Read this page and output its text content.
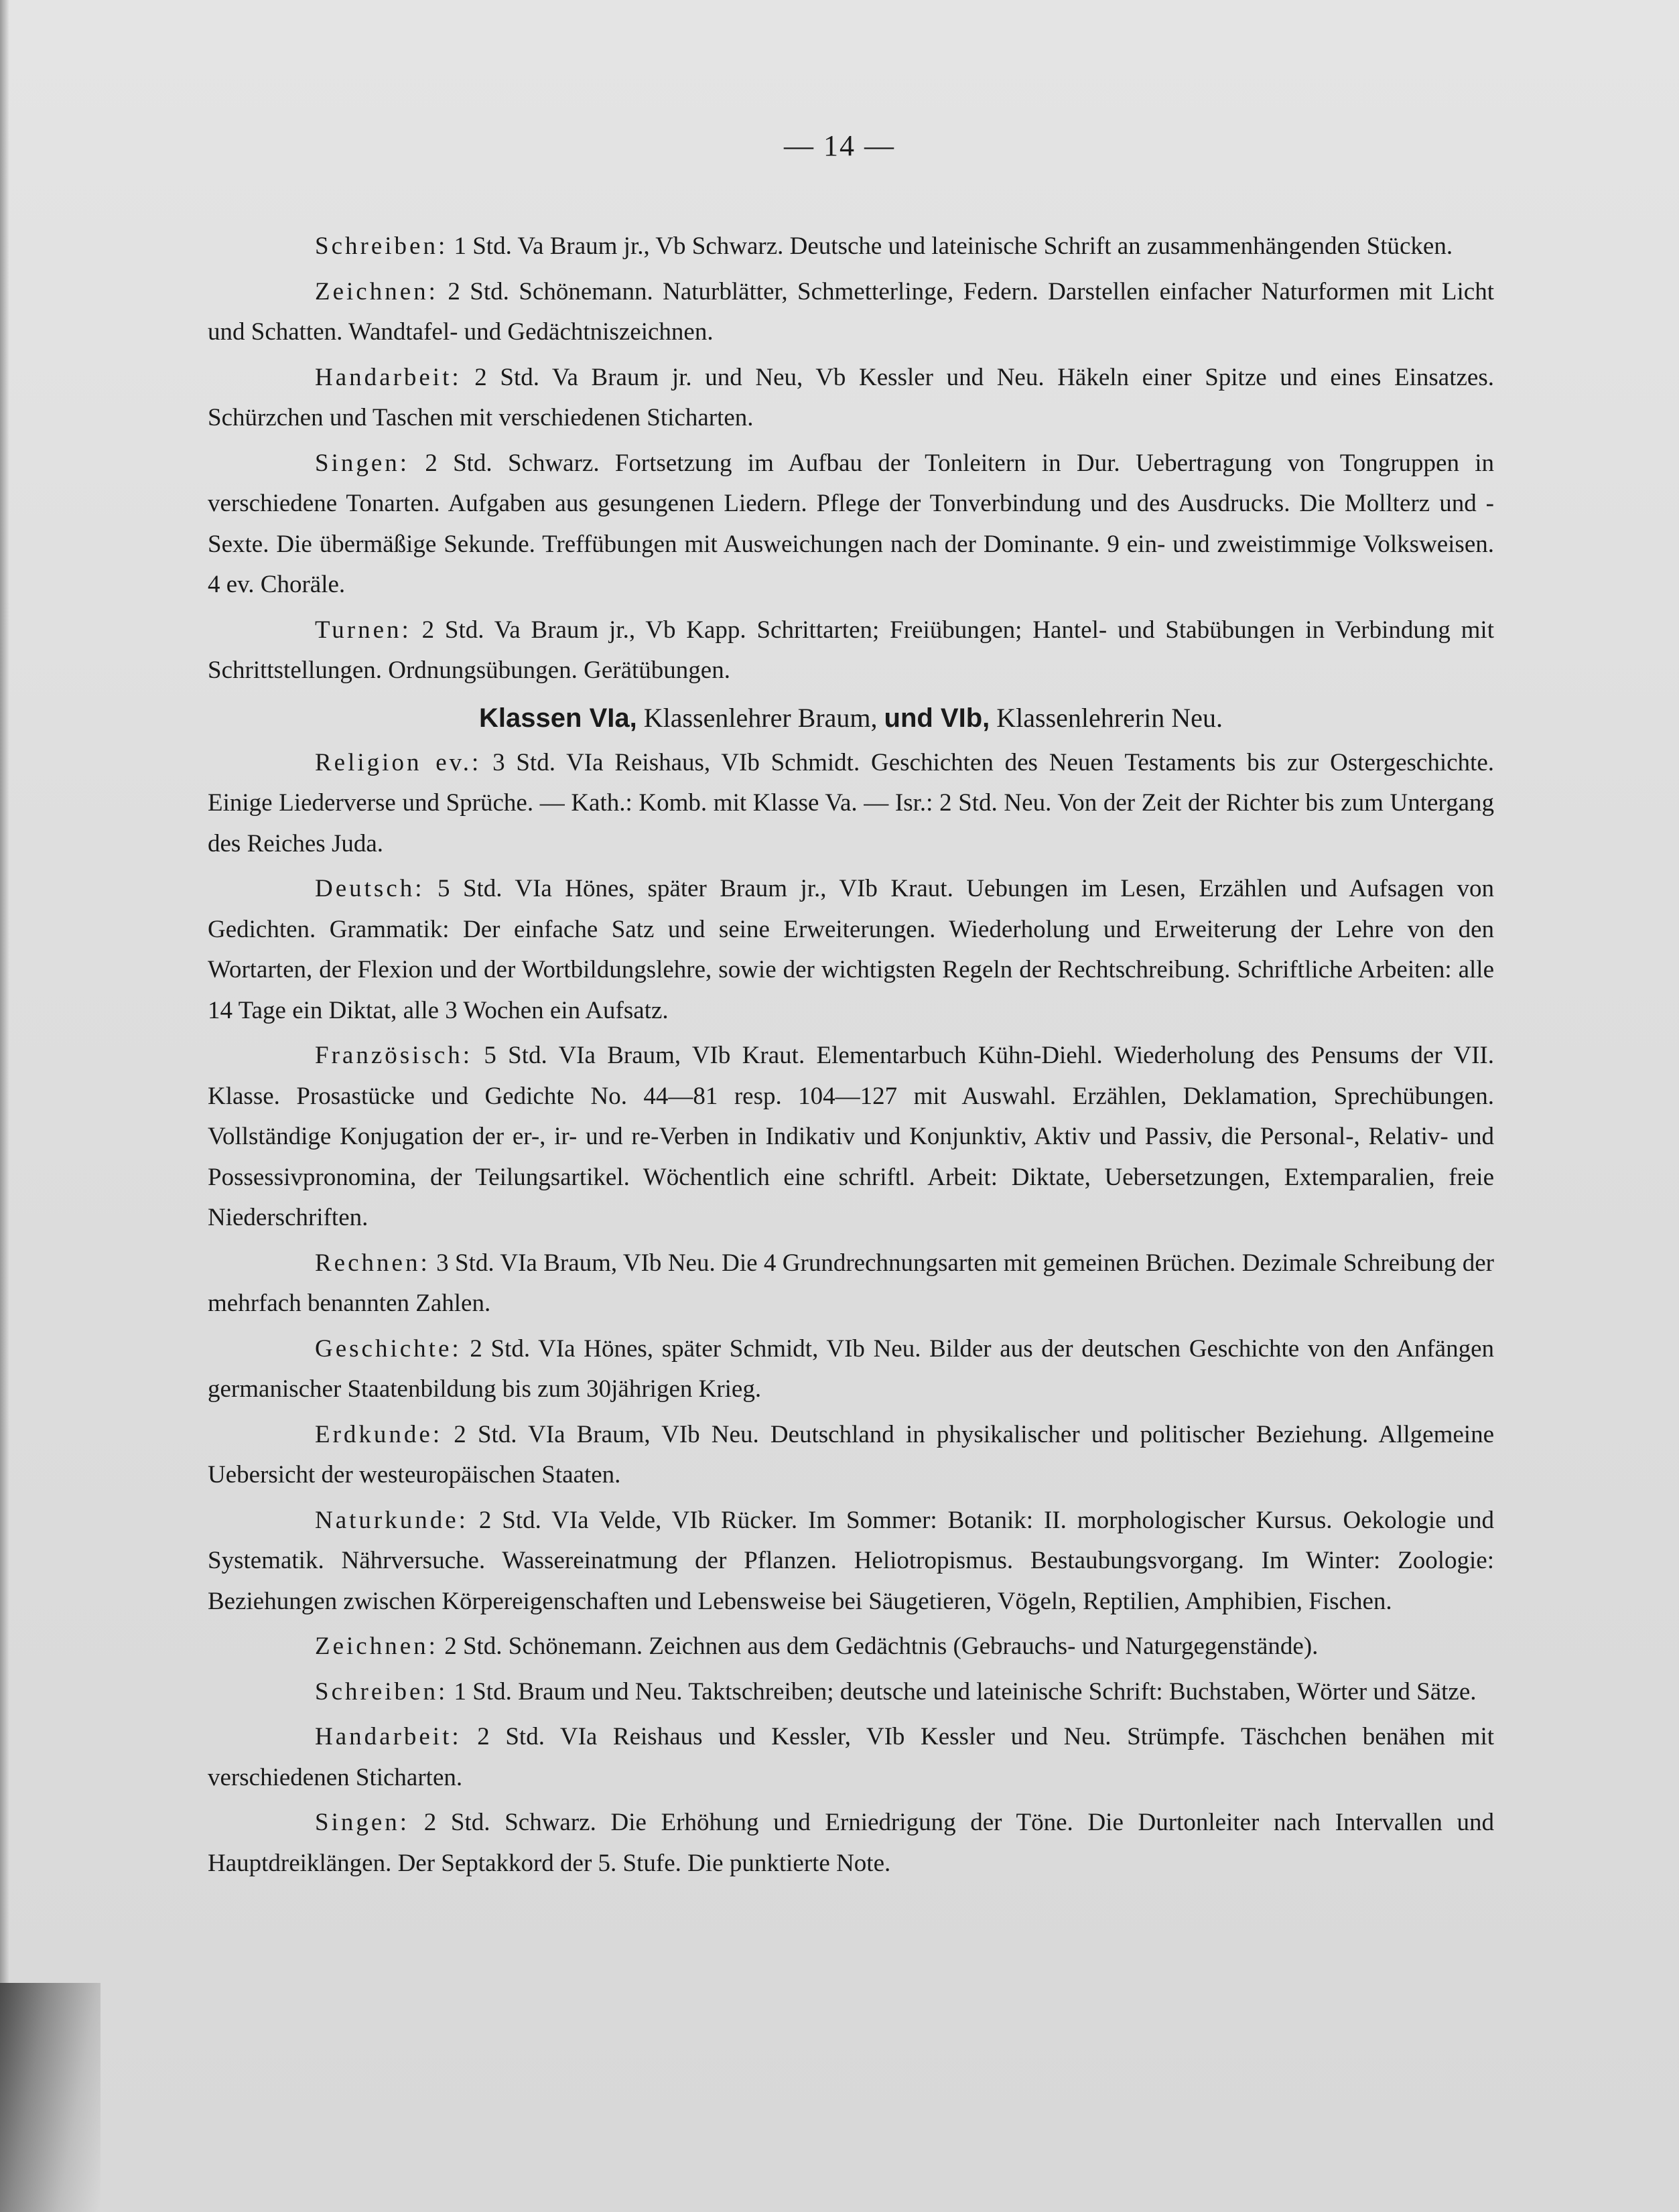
— 14 —

Schreiben: 1 Std. Va Braum jr., Vb Schwarz. Deutsche und lateinische Schrift an zusammenhängenden Stücken.

Zeichnen: 2 Std. Schönemann. Naturblätter, Schmetterlinge, Federn. Darstellen einfacher Naturformen mit Licht und Schatten. Wandtafel- und Gedächtniszeichnen.

Handarbeit: 2 Std. Va Braum jr. und Neu, Vb Kessler und Neu. Häkeln einer Spitze und eines Einsatzes. Schürzchen und Taschen mit verschiedenen Sticharten.

Singen: 2 Std. Schwarz. Fortsetzung im Aufbau der Tonleitern in Dur. Uebertragung von Tongruppen in verschiedene Tonarten. Aufgaben aus gesungenen Liedern. Pflege der Tonverbindung und des Ausdrucks. Die Mollterz und -Sexte. Die übermäßige Sekunde. Treffübungen mit Ausweichungen nach der Dominante. 9 ein- und zweistimmige Volksweisen. 4 ev. Choräle.

Turnen: 2 Std. Va Braum jr., Vb Kapp. Schrittarten; Freiübungen; Hantel- und Stabübungen in Verbindung mit Schrittstellungen. Ordnungsübungen. Gerätübungen.

Klassen VIa, Klassenlehrer Braum, und VIb, Klassenlehrerin Neu.

Religion ev.: 3 Std. VIa Reishaus, VIb Schmidt. Geschichten des Neuen Testaments bis zur Ostergeschichte. Einige Liederverse und Sprüche. — Kath.: Komb. mit Klasse Va. — Isr.: 2 Std. Neu. Von der Zeit der Richter bis zum Untergang des Reiches Juda.

Deutsch: 5 Std. VIa Hönes, später Braum jr., VIb Kraut. Uebungen im Lesen, Erzählen und Aufsagen von Gedichten. Grammatik: Der einfache Satz und seine Erweiterungen. Wiederholung und Erweiterung der Lehre von den Wortarten, der Flexion und der Wortbildungslehre, sowie der wichtigsten Regeln der Rechtschreibung. Schriftliche Arbeiten: alle 14 Tage ein Diktat, alle 3 Wochen ein Aufsatz.

Französisch: 5 Std. VIa Braum, VIb Kraut. Elementarbuch Kühn-Diehl. Wiederholung des Pensums der VII. Klasse. Prosastücke und Gedichte No. 44—81 resp. 104—127 mit Auswahl. Erzählen, Deklamation, Sprechübungen. Vollständige Konjugation der er-, ir- und re-Verben in Indikativ und Konjunktiv, Aktiv und Passiv, die Personal-, Relativ- und Possessivpronomina, der Teilungsartikel. Wöchentlich eine schriftl. Arbeit: Diktate, Uebersetzungen, Extemparalien, freie Niederschriften.

Rechnen: 3 Std. VIa Braum, VIb Neu. Die 4 Grundrechnungsarten mit gemeinen Brüchen. Dezimale Schreibung der mehrfach benannten Zahlen.

Geschichte: 2 Std. VIa Hönes, später Schmidt, VIb Neu. Bilder aus der deutschen Geschichte von den Anfängen germanischer Staatenbildung bis zum 30jährigen Krieg.

Erdkunde: 2 Std. VIa Braum, VIb Neu. Deutschland in physikalischer und politischer Beziehung. Allgemeine Uebersicht der westeuropäischen Staaten.

Naturkunde: 2 Std. VIa Velde, VIb Rücker. Im Sommer: Botanik: II. morphologischer Kursus. Oekologie und Systematik. Nährversuche. Wassereinatmung der Pflanzen. Heliotropismus. Bestaubungsvorgang. Im Winter: Zoologie: Beziehungen zwischen Körpereigenschaften und Lebensweise bei Säugetieren, Vögeln, Reptilien, Amphibien, Fischen.

Zeichnen: 2 Std. Schönemann. Zeichnen aus dem Gedächtnis (Gebrauchs- und Naturgegenstände).

Schreiben: 1 Std. Braum und Neu. Taktschreiben; deutsche und lateinische Schrift: Buchstaben, Wörter und Sätze.

Handarbeit: 2 Std. VIa Reishaus und Kessler, VIb Kessler und Neu. Strümpfe. Täschchen benähen mit verschiedenen Sticharten.

Singen: 2 Std. Schwarz. Die Erhöhung und Erniedrigung der Töne. Die Durtonleiter nach Intervallen und Hauptdreiklängen. Der Septakkord der 5. Stufe. Die punktierte Note.
